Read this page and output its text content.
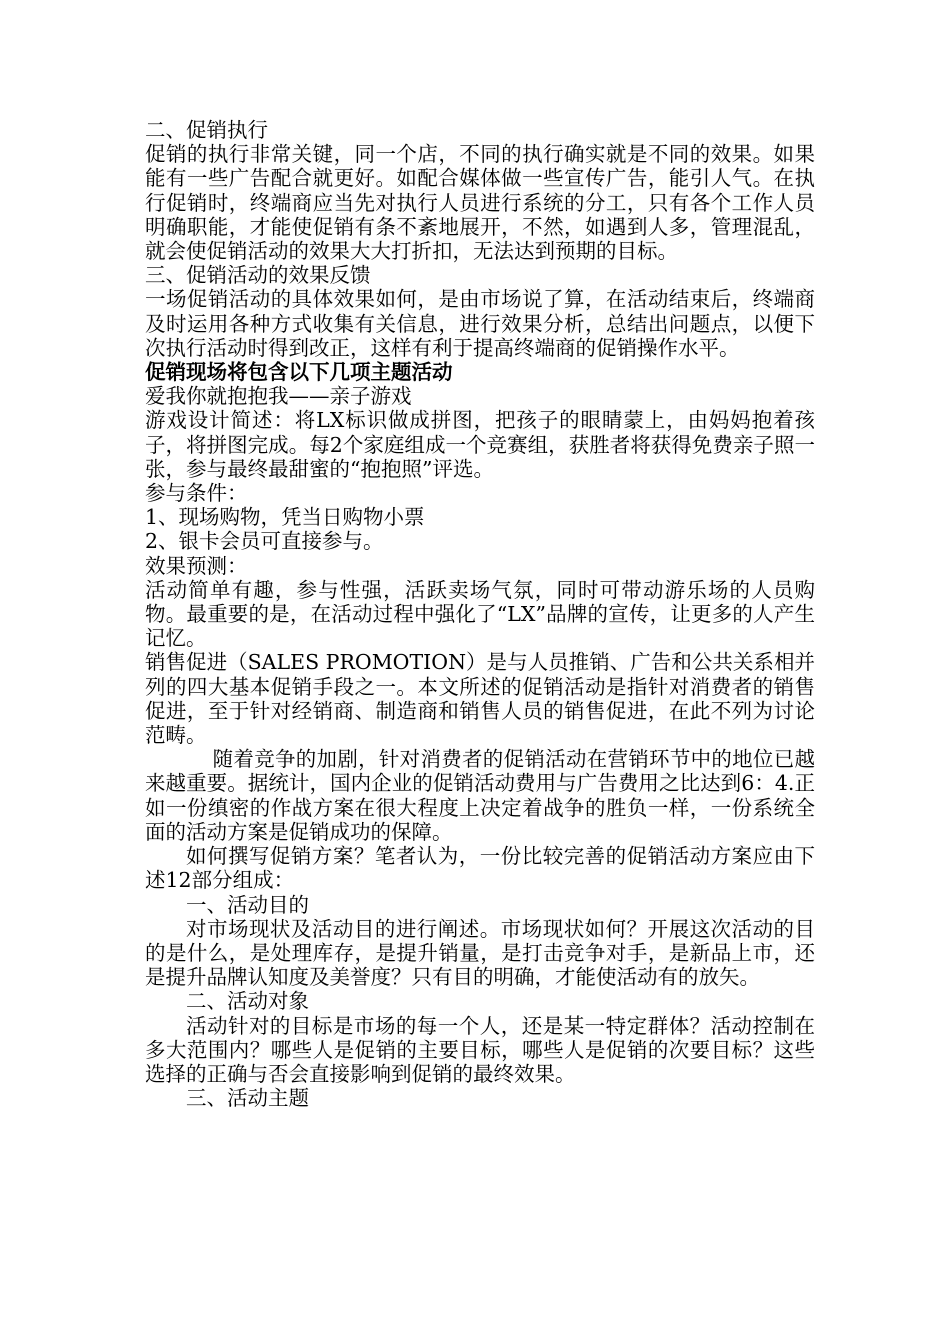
二、促销执行

促销的执行非常关键，同一个店，不同的执行确实就是不同的效果。如果能有一些广告配合就更好。如配合媒体做一些宣传广告，能引人气。在执行促销时，终端商应当先对执行人员进行系统的分工，只有各个工作人员明确职能，才能使促销有条不紊地展开，不然，如遇到人多，管理混乱，就会使促销活动的效果大大打折扣，无法达到预期的目标。

三、促销活动的效果反馈

一场促销活动的具体效果如何，是由市场说了算，在活动结束后，终端商及时运用各种方式收集有关信息，进行效果分析，总结出问题点，以便下次执行活动时得到改正，这样有利于提高终端商的促销操作水平。

促销现场将包含以下几项主题活动

爱我你就抱抱我——亲子游戏

游戏设计简述：将LX标识做成拼图，把孩子的眼睛蒙上，由妈妈抱着孩子，将拼图完成。每2个家庭组成一个竞赛组，获胜者将获得免费亲子照一张，参与最终最甜蜜的“抱抱照”评选。

参与条件：

1、现场购物，凭当日购物小票

2、银卡会员可直接参与。

效果预测：

活动简单有趣，参与性强，活跃卖场气氛，同时可带动游乐场的人员购物。最重要的是，在活动过程中强化了“LX”品牌的宣传，让更多的人产生记忆。

销售促进（SALES PROMOTION）是与人员推销、广告和公共关系相并列的四大基本促销手段之一。本文所述的促销活动是指针对消费者的销售促进，至于针对经销商、制造商和销售人员的销售促进，在此不列为讨论范畴。

随着竞争的加剧，针对消费者的促销活动在营销环节中的地位已越来越重要。据统计，国内企业的促销活动费用与广告费用之比达到6：4.正如一份缜密的作战方案在很大程度上决定着战争的胜负一样，一份系统全面的活动方案是促销成功的保障。

如何撰写促销方案？笔者认为，一份比较完善的促销活动方案应由下述12部分组成：

一、活动目的

对市场现状及活动目的进行阐述。市场现状如何？开展这次活动的目的是什么，是处理库存，是提升销量，是打击竞争对手，是新品上市，还是提升品牌认知度及美誉度？只有目的明确，才能使活动有的放矢。

二、活动对象

活动针对的目标是市场的每一个人，还是某一特定群体？活动控制在多大范围内？哪些人是促销的主要目标，哪些人是促销的次要目标？这些选择的正确与否会直接影响到促销的最终效果。

三、活动主题
